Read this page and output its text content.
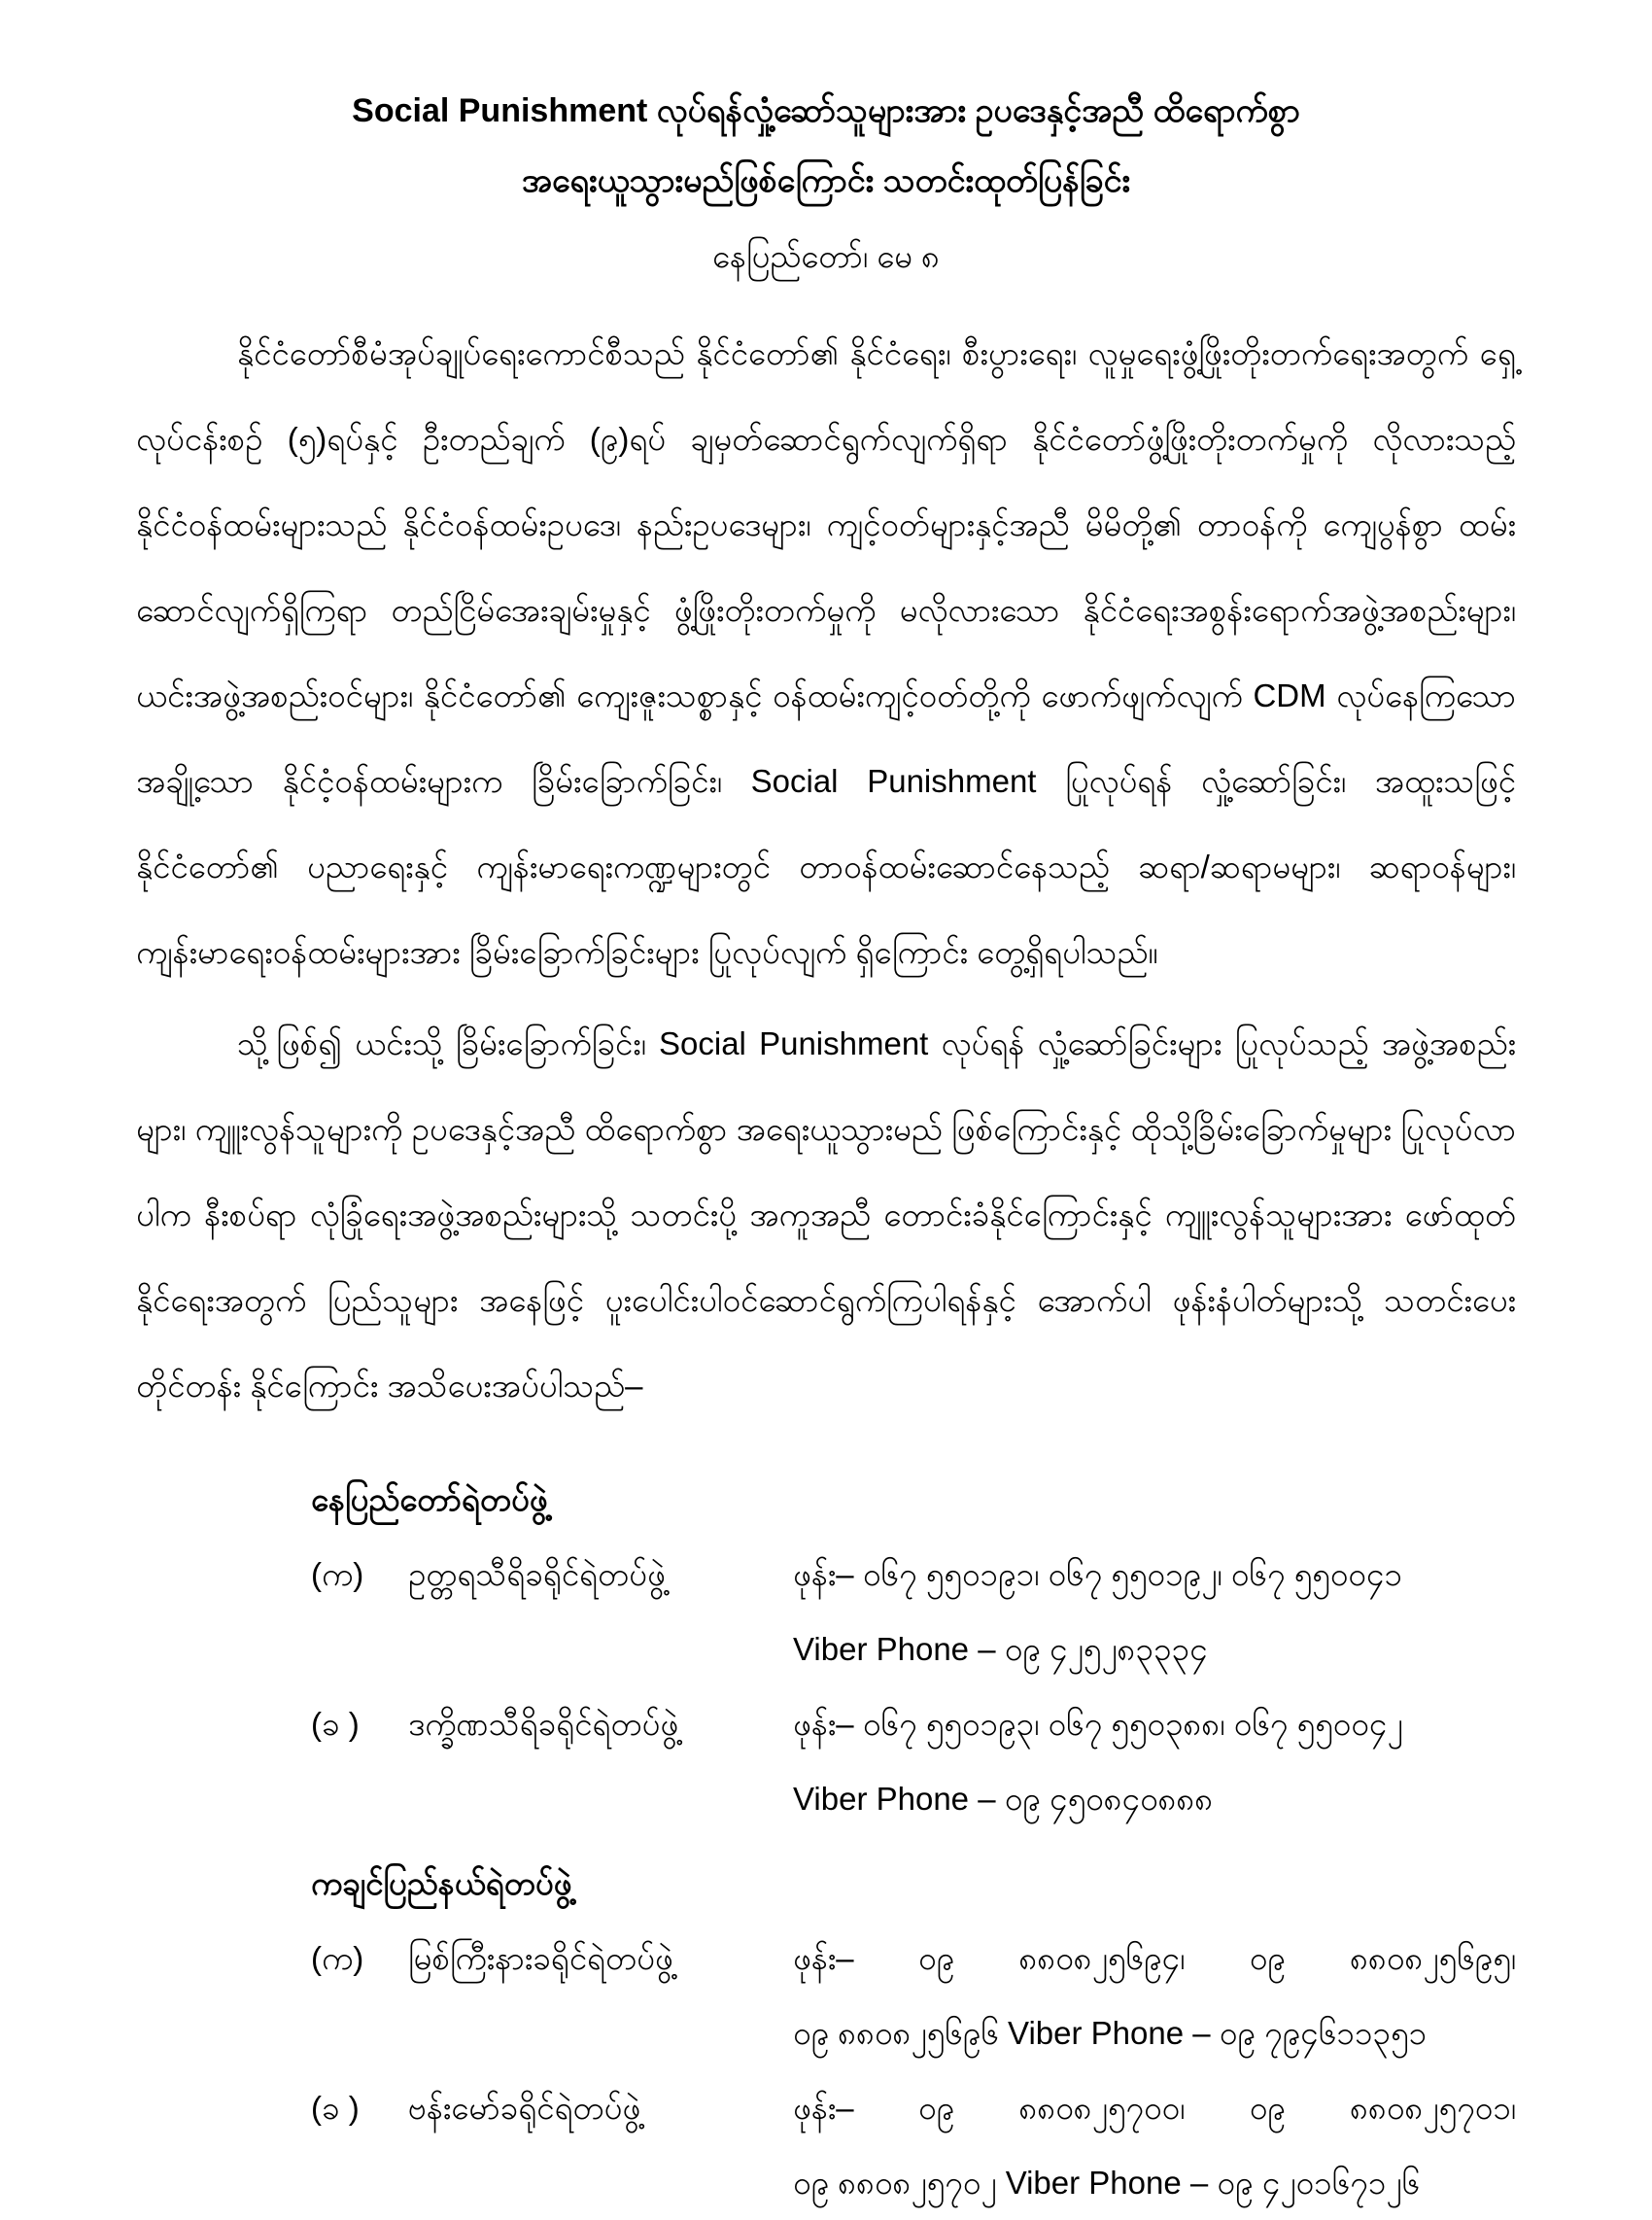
Social Punishment လုပ်ရန်လှုံ့ဆော်သူများအား ဥပဒေနှင့်အညီ ထိရောက်စွာ
အရေးယူသွားမည်ဖြစ်ကြောင်း သတင်းထုတ်ပြန်ခြင်း
နေပြည်တော်၊ မေ ၈

နိုင်ငံတော်စီမံအုပ်ချုပ်ရေးကောင်စီသည် နိုင်ငံတော်၏ နိုင်ငံရေး၊ စီးပွားရေး၊ လူမှုရေးဖွံ့ဖြိုးတိုးတက်ရေးအတွက် ရှေ့လုပ်ငန်းစဉ် (၅)ရပ်နှင့် ဦးတည်ချက် (၉)ရပ် ချမှတ်ဆောင်ရွက်လျက်ရှိရာ နိုင်ငံတော်ဖွံ့ဖြိုးတိုးတက်မှုကို လိုလားသည့် နိုင်ငံဝန်ထမ်းများသည် နိုင်ငံဝန်ထမ်းဥပဒေ၊ နည်းဥပဒေများ၊ ကျင့်ဝတ်များနှင့်အညီ မိမိတို့၏ တာဝန်ကို ကျေပွန်စွာ ထမ်းဆောင်လျက်ရှိကြရာ တည်ငြိမ်အေးချမ်းမှုနှင့် ဖွံ့ဖြိုးတိုးတက်မှုကို မလိုလားသော နိုင်ငံရေးအစွန်းရောက်အဖွဲ့အစည်းများ၊ ယင်းအဖွဲ့အစည်းဝင်များ၊ နိုင်ငံတော်၏ ကျေးဇူးသစ္စာနှင့် ဝန်ထမ်းကျင့်ဝတ်တို့ကို ဖောက်ဖျက်လျက် CDM လုပ်နေကြသော အချို့သော နိုင်ငံ့ဝန်ထမ်းများက ခြိမ်းခြောက်ခြင်း၊ Social Punishment ပြုလုပ်ရန် လှုံ့ဆော်ခြင်း၊ အထူးသဖြင့် နိုင်ငံတော်၏ ပညာရေးနှင့် ကျန်းမာရေးကဏ္ဍများတွင် တာဝန်ထမ်းဆောင်နေသည့် ဆရာ/ဆရာမများ၊ ဆရာဝန်များ၊ ကျန်းမာရေးဝန်ထမ်းများအား ခြိမ်းခြောက်ခြင်းများ ပြုလုပ်လျက် ရှိကြောင်း တွေ့ရှိရပါသည်။

သို့ဖြစ်၍ ယင်းသို့ ခြိမ်းခြောက်ခြင်း၊ Social Punishment လုပ်ရန် လှုံ့ဆော်ခြင်းများ ပြုလုပ်သည့် အဖွဲ့အစည်းများ၊ ကျူးလွန်သူများကို ဥပဒေနှင့်အညီ ထိရောက်စွာ အရေးယူသွားမည် ဖြစ်ကြောင်းနှင့် ထိုသို့ခြိမ်းခြောက်မှုများ ပြုလုပ်လာပါက နီးစပ်ရာ လုံခြုံရေးအဖွဲ့အစည်းများသို့ သတင်းပို့ အကူအညီ တောင်းခံနိုင်ကြောင်းနှင့် ကျူးလွန်သူများအား ဖော်ထုတ်နိုင်ရေးအတွက် ပြည်သူများ အနေဖြင့် ပူးပေါင်းပါဝင်ဆောင်ရွက်ကြပါရန်နှင့် အောက်ပါ ဖုန်းနံပါတ်များသို့ သတင်းပေးတိုင်တန်း နိုင်ကြောင်း အသိပေးအပ်ပါသည်–

နေပြည်တော်ရဲတပ်ဖွဲ့
(က)	ဥတ္တရသီရိခရိုင်ရဲတပ်ဖွဲ့	ဖုန်း– ၀၆၇ ၅၅၀၁၉၁၊ ၀၆၇ ၅၅၀၁၉၂၊ ၀၆၇ ၅၅၀၀၄၁
Viber Phone – ၀၉ ၄၂၅၂၈၃၃၃၄
(ခ )	ဒက္ခိဏသီရိခရိုင်ရဲတပ်ဖွဲ့	ဖုန်း– ၀၆၇ ၅၅၀၁၉၃၊ ၀၆၇ ၅၅၀၃၈၈၊ ၀၆၇ ၅၅၀၀၄၂
Viber Phone – ၀၉ ၄၅၀၈၄၀၈၈၈
ကချင်ပြည်နယ်ရဲတပ်ဖွဲ့
(က)	မြစ်ကြီးနားခရိုင်ရဲတပ်ဖွဲ့	ဖုန်း– ၀၉ ၈၈၀၈၂၅၆၉၄၊ ၀၉ ၈၈၀၈၂၅၆၉၅၊
၀၉ ၈၈၀၈၂၅၆၉၆ Viber Phone – ၀၉ ၇၉၄၆၁၁၃၅၁
(ခ )	ဗန်းမော်ခရိုင်ရဲတပ်ဖွဲ့	ဖုန်း– ၀၉ ၈၈၀၈၂၅၇၀၀၊ ၀၉ ၈၈၀၈၂၅၇၀၁၊
၀၉ ၈၈၀၈၂၅၇၀၂ Viber Phone – ၀၉ ၄၂၀၁၆၇၁၂၆
